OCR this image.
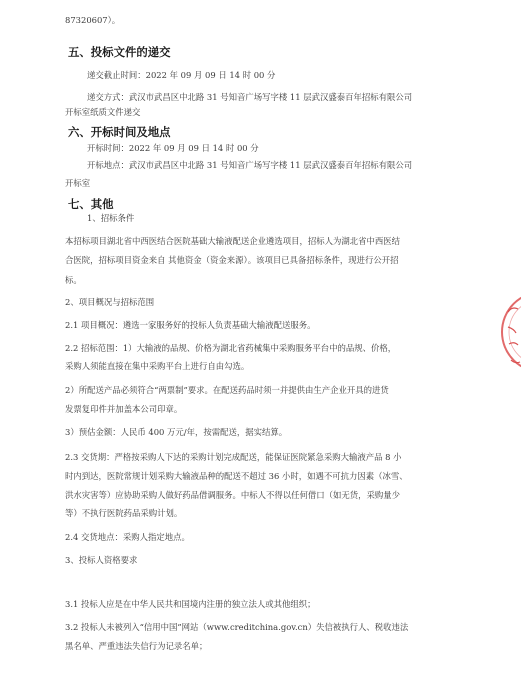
87320607）。
五、投标文件的递交
递交截止时间：2022 年 09 月 09 日 14 时 00 分
递交方式：武汉市武昌区中北路 31 号知音广场写字楼 11 层武汉盛泰百年招标有限公司
开标室纸质文件递交
六、开标时间及地点
开标时间：2022 年 09 月 09 日 14 时 00 分
开标地点：武汉市武昌区中北路 31 号知音广场写字楼 11 层武汉盛泰百年招标有限公司
开标室
七、其他
1、招标条件
本招标项目湖北省中西医结合医院基础大输液配送企业遴选项目，招标人为湖北省中西医结
合医院，招标项目资金来自 其他资金（资金来源）。该项目已具备招标条件，现进行公开招
标。
2、项目概况与招标范围
2.1 项目概况：遴选一家服务好的投标人负责基础大输液配送服务。
2.2 招标范围：1）大输液的品规、价格为湖北省药械集中采购服务平台中的品规、价格，
采购人须能直接在集中采购平台上进行自由勾选。
2）所配送产品必须符合“两票制”要求。在配送药品时须一并提供由生产企业开具的进货
发票复印件并加盖本公司印章。
3）预估金额：人民币 400 万元/年，按需配送，据实结算。
2.3 交货期：严格按采购人下达的采购计划完成配送，能保证医院紧急采购大输液产品 8 小
时内到达，医院常规计划采购大输液品种的配送不超过 36 小时，如遇不可抗力因素（冰雪、
洪水灾害等）应协助采购人做好药品借调服务。中标人不得以任何借口（如无货，采购量少
等）不执行医院药品采购计划。
2.4 交货地点：采购人指定地点。
3、投标人资格要求
3.1 投标人应是在中华人民共和国境内注册的独立法人或其他组织；
3.2 投标人未被列入“信用中国”网站（www.creditchina.gov.cn）失信被执行人、税收违法
黑名单、严重违法失信行为记录名单；
